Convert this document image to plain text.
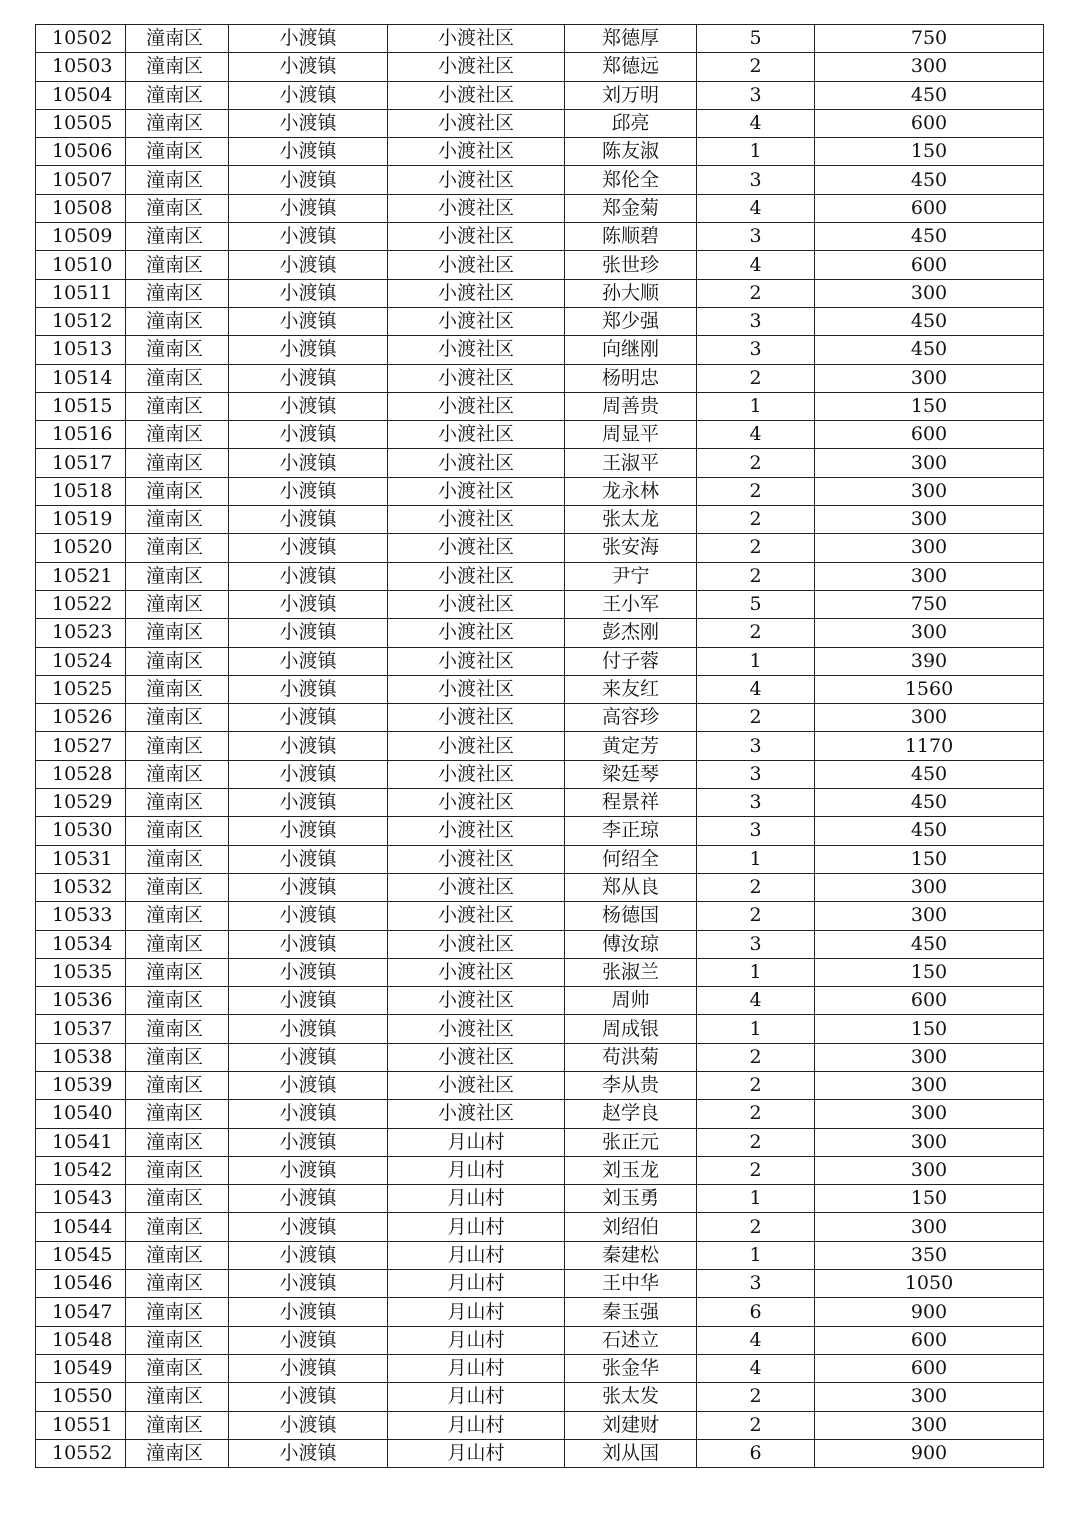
10502	潼南区	小渡镇	小渡社区	郑德厚	5	750
10503	潼南区	小渡镇	小渡社区	郑德远	2	300
10504	潼南区	小渡镇	小渡社区	刘万明	3	450
10505	潼南区	小渡镇	小渡社区	邱亮	4	600
10506	潼南区	小渡镇	小渡社区	陈友淑	1	150
10507	潼南区	小渡镇	小渡社区	郑伦全	3	450
10508	潼南区	小渡镇	小渡社区	郑金菊	4	600
10509	潼南区	小渡镇	小渡社区	陈顺碧	3	450
10510	潼南区	小渡镇	小渡社区	张世珍	4	600
10511	潼南区	小渡镇	小渡社区	孙大顺	2	300
10512	潼南区	小渡镇	小渡社区	郑少强	3	450
10513	潼南区	小渡镇	小渡社区	向继刚	3	450
10514	潼南区	小渡镇	小渡社区	杨明忠	2	300
10515	潼南区	小渡镇	小渡社区	周善贵	1	150
10516	潼南区	小渡镇	小渡社区	周显平	4	600
10517	潼南区	小渡镇	小渡社区	王淑平	2	300
10518	潼南区	小渡镇	小渡社区	龙永林	2	300
10519	潼南区	小渡镇	小渡社区	张太龙	2	300
10520	潼南区	小渡镇	小渡社区	张安海	2	300
10521	潼南区	小渡镇	小渡社区	尹宁	2	300
10522	潼南区	小渡镇	小渡社区	王小军	5	750
10523	潼南区	小渡镇	小渡社区	彭杰刚	2	300
10524	潼南区	小渡镇	小渡社区	付子蓉	1	390
10525	潼南区	小渡镇	小渡社区	来友红	4	1560
10526	潼南区	小渡镇	小渡社区	高容珍	2	300
10527	潼南区	小渡镇	小渡社区	黄定芳	3	1170
10528	潼南区	小渡镇	小渡社区	梁廷琴	3	450
10529	潼南区	小渡镇	小渡社区	程景祥	3	450
10530	潼南区	小渡镇	小渡社区	李正琼	3	450
10531	潼南区	小渡镇	小渡社区	何绍全	1	150
10532	潼南区	小渡镇	小渡社区	郑从良	2	300
10533	潼南区	小渡镇	小渡社区	杨德国	2	300
10534	潼南区	小渡镇	小渡社区	傅汝琼	3	450
10535	潼南区	小渡镇	小渡社区	张淑兰	1	150
10536	潼南区	小渡镇	小渡社区	周帅	4	600
10537	潼南区	小渡镇	小渡社区	周成银	1	150
10538	潼南区	小渡镇	小渡社区	苟洪菊	2	300
10539	潼南区	小渡镇	小渡社区	李从贵	2	300
10540	潼南区	小渡镇	小渡社区	赵学良	2	300
10541	潼南区	小渡镇	月山村	张正元	2	300
10542	潼南区	小渡镇	月山村	刘玉龙	2	300
10543	潼南区	小渡镇	月山村	刘玉勇	1	150
10544	潼南区	小渡镇	月山村	刘绍伯	2	300
10545	潼南区	小渡镇	月山村	秦建松	1	350
10546	潼南区	小渡镇	月山村	王中华	3	1050
10547	潼南区	小渡镇	月山村	秦玉强	6	900
10548	潼南区	小渡镇	月山村	石述立	4	600
10549	潼南区	小渡镇	月山村	张金华	4	600
10550	潼南区	小渡镇	月山村	张太发	2	300
10551	潼南区	小渡镇	月山村	刘建财	2	300
10552	潼南区	小渡镇	月山村	刘从国	6	900
